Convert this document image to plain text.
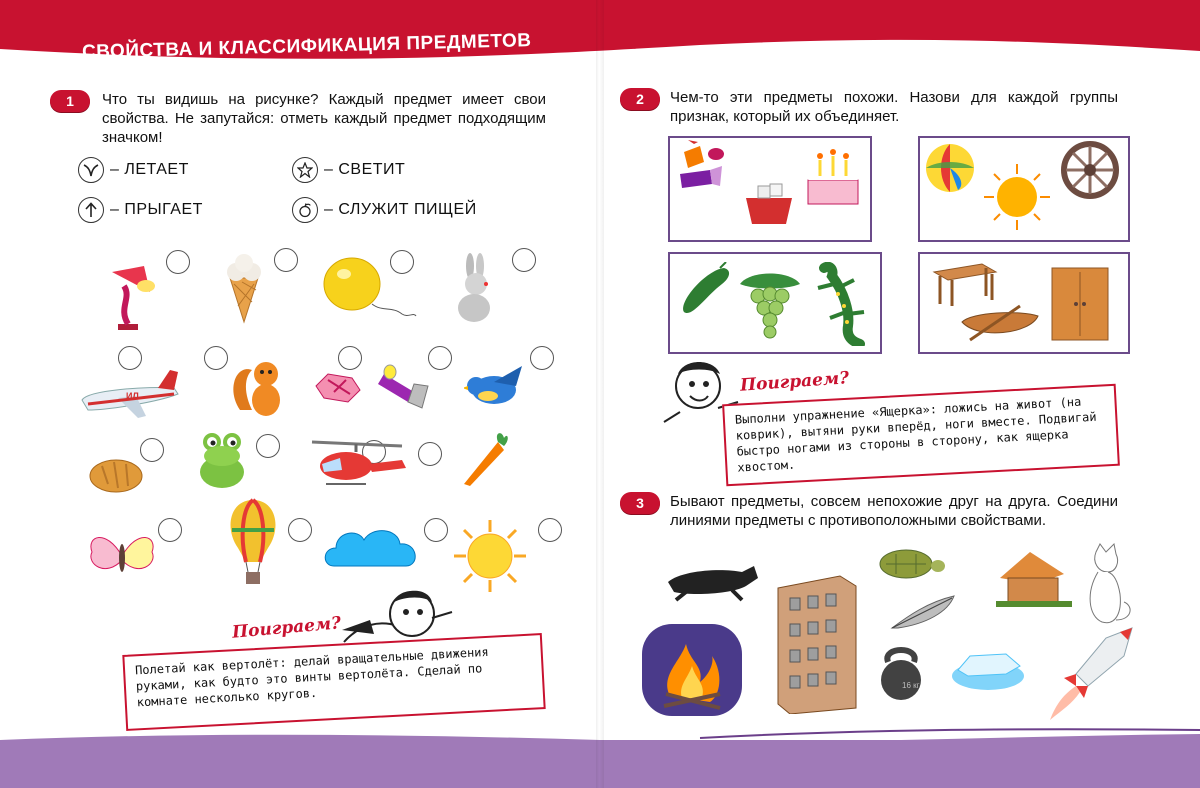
СВОЙСТВА И КЛАССИФИКАЦИЯ ПРЕДМЕТОВ
1	Что ты видишь на рисунке? Каждый предмет имеет свои свойства. Не запутайся: отметь каждый предмет подходящим значком!
– ЛЕТАЕТ	– СВЕТИТ
– ПРЫГАЕТ	– СЛУЖИТ ПИЩЕЙ
ИЛ
Поиграем?
Полетай как вертолёт: делай вращательные движения руками, как будто это винты вертолёта. Сделай по комнате несколько кругов.
2	Чем-то эти предметы похожи. Назови для каждой группы признак, который их объединяет.
Поиграем?
Выполни упражнение «Ящерка»: ложись на живот (на коврик), вытяни руки вперёд, ноги вместе. Подвигай быстро ногами из стороны в сторону, как ящерка хвостом.
3	Бывают предметы, совсем непохожие друг на друга. Соедини линиями предметы с противоположными свойствами.
16 кг
